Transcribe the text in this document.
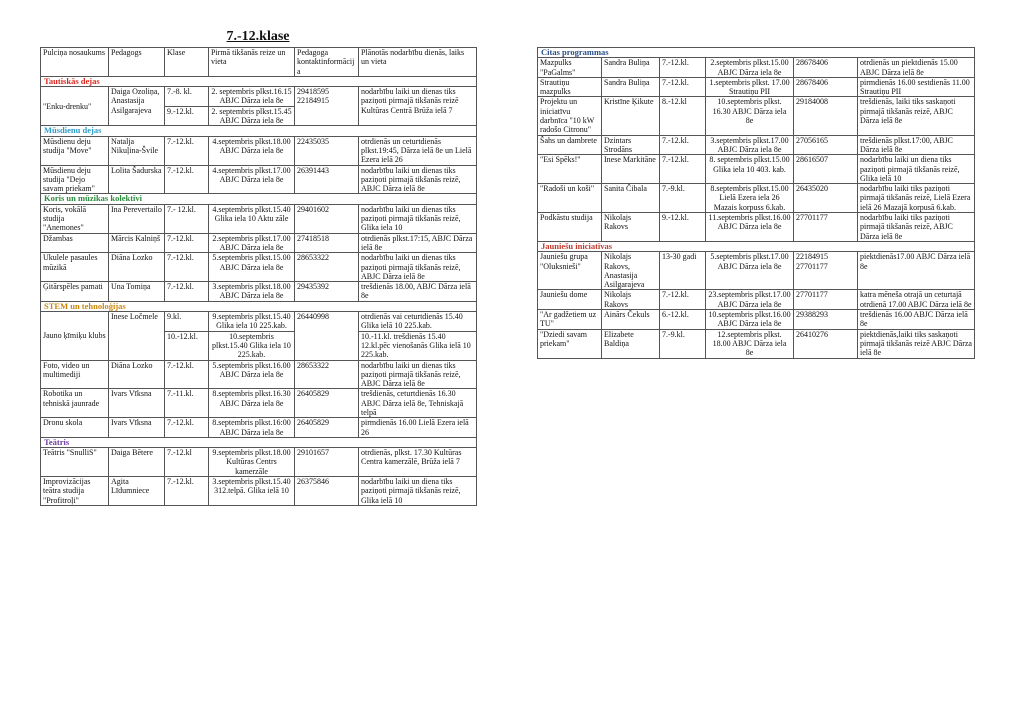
7.-12.klase
Pulciņa nosaukums	Pedagogs	Klase	Pirmā tikšanās reize un vieta	Pedagoga kontaktinformācija	Plānotās nodarbību dienās, laiks un vieta
Tautiskās dejas					
"Enku-drenku"	Daiga Ozoliņa, Anastasija Asilgarajeva	7.-8. kl.	2. septembris plkst.16.15 ABJC Dārza iela 8e	29418595 22184915	nodarbību laiki un dienas tiks paziņoti pirmajā tikšanās reizē Kultūras Centrā Brūža ielā 7
		9.-12.kl.	2. septembris plkst.15.45 ABJC Dārza iela 8e		
Mūsdienu dejas					
Mūsdienu deju studija "Move"	Natalja Nikuļina-Švile	7.-12.kl.	4.septembris plkst.18.00 ABJC Dārza iela 8e	22435035	otrdienās un ceturtdienās plkst.19:45, Dārza ielā 8e un Lielā Ezera ielā 26
Mūsdienu deju studija "Dejo savam priekam"	Lolita Šadurska	7.-12.kl.	4.septembris plkst.17.00 ABJC Dārza iela 8e	26391443	nodarbību laiki un dienas tiks paziņoti pirmajā tikšanās reizē, ABJC Dārza ielā 8e
Koris un mūzikas kolektīvi					
Koris, vokālā studija "Anemones"	Ina Perevertailo	7.- 12.kl.	4.septembris plkst.15.40 Glika iela 10 Aktu zāle	29401602	nodarbību laiki un dienas tiks paziņoti pirmajā tikšanās reizē, Glika iela 10
Džambas	Mārcis Kalniņš	7.-12.kl.	2.septembris plkst.17.00 ABJC Dārza iela 8e	27418518	otrdienās plkst.17:15, ABJC Dārza ielā 8e
Ukulele pasaules mūzikā	Diāna Lozko	7.-12.kl.	5.septembris plkst.15.00 ABJC Dārza iela 8e	28653322	nodarbību laiki un dienas tiks paziņoti pirmajā tikšanās reizē, ABJC Dārza ielā 8e
Ģitārspēles pamati	Una Tomiņa	7.-12.kl.	3.septembris plkst.18.00 ABJC Dārza iela 8e	29435392	trešdienās 18.00, ABJC Dārza ielā 8e
STEM un tehnoloģijas					
Jauno ķīmiķu klubs	Inese Ločmele	9.kl.	9.septembris plkst.15.40 Glika iela 10 225.kab.	26440998	otrdienās vai ceturtdienās 15.40 Glika ielā 10 225.kab.
		10.-12.kl.	10.septembris plkst.15.40 Glika iela 10 225.kab.		10.-11.kl. trešdienās 15.40 12.kl.pēc vienošanās Glika ielā 10 225.kab.
Foto, video un multimediji	Diāna Lozko	7.-12.kl.	5.septembris plkst.16.00 ABJC Dārza iela 8e	28653322	nodarbību laiki un dienas tiks paziņoti pirmajā tikšanās reizē, ABJC Dārza ielā 8e
Robotika un tehniskā jaunrade	Ivars Vīksna	7.-11.kl.	8.septembris plkst.16.30 ABJC Dārza iela 8e	26405829	trešdienās, ceturtdienās 16.30 ABJC Dārza ielā 8e, Tehniskajā telpā
Dronu skola	Ivars Vīksna	7.-12.kl.	8.septembris plkst.16:00 ABJC Dārza iela 8e	26405829	pirmdienās 16.00 Lielā Ezera ielā 26
Teātris					
Teātris "SnulliS"	Daiga Bētere	7.-12.kl	9.septembris plkst.18.00 Kultūras Centrs kamerzāle	29101657	otrdienās, plkst. 17.30 Kultūras Centra kamerzālē, Brūža ielā 7
Improvizācijas teātra studija "Profitroļi"	Agita Līdumniece	7.-12.kl.	3.septembris plkst.15.40 312.telpā. Glika ielā 10	26375846	nodarbību laiki un diena tiks paziņoti pirmajā tikšanās reizē, Glika ielā 10
Citas programmas					
Mazpulks "PaGalms"	Sandra Buliņa	7.-12.kl.	2.septembris plkst.15.00 ABJC Dārza iela 8e	28678406	otrdienās un piektdienās 15.00 ABJC Dārza ielā 8e
Strautiņu mazpulks	Sandra Buliņa	7.-12.kl.	1.septembris plkst. 17.00 Strautiņu PII	28678406	pirmdienās 16.00 sestdienās 11.00 Strautiņu PII
Projektu un iniciatīvu darbnīca "10 kW radošo Citronu"	Kristīne Ķikute	8.-12.kl	10.septembris plkst. 16.30 ABJC Dārza iela 8e	29184008	trešdienās, laiki tiks saskaņoti pirmajā tikšanās reizē, ABJC Dārza ielā 8e
Šahs un dambrete	Dzintars Strodāns	7.-12.kl.	3.septembris plkst.17.00 ABJC Dārza iela 8e	27056165	trešdienās plkst.17:00, ABJC Dārza ielā 8e
"Esi Spēks!"	Inese Markitāne	7.-12.kl.	8. septembris plkst.15.00 Glika iela 10 403. kab.	28616507	nodarbību laiki un diena tiks paziņoti pirmajā tikšanās reizē, Glika ielā 10
"Radoši un koši"	Sanita Čibala	7.-9.kl.	8.septembris plkst.15.00 Lielā Ezera iela 26 Mazais korpuss 6.kab.	26435020	nodarbību laiki tiks paziņoti pirmajā tikšanās reizē, Lielā Ezera ielā 26 Mazajā korpusā 6.kab.
Podkāstu studija	Nikolajs Rakovs	9.-12.kl.	11.septembris plkst.16.00 ABJC Dārza iela 8e	27701177	nodarbību laiki tiks paziņoti pirmajā tikšanās reizē, ABJC Dārza ielā 8e
Jauniešu iniciatīvas					
Jauniešu grupa "Oluksnieši"	Nikolajs Rakovs, Anastasija Asilgarajeva	13-30 gadi	5.septembris plkst.17.00 ABJC Dārza iela 8e	22184915 27701177	piektdienās17.00 ABJC Dārza ielā 8e
Jauniešu dome	Nikolajs Rakovs	7.-12.kl.	23.septembris plkst.17.00 ABJC Dārza iela 8e	27701177	katra mēneša otrajā un ceturtajā otrdienā 17.00 ABJC Dārza ielā 8e
"Ar gadžetiem uz TU"	Ainārs Čekuls	6.-12.kl.	10.septembris plkst.16.00 ABJC Dārza iela 8e	29388293	trešdienās 16.00 ABJC Dārza ielā 8e
"Dziedi savam priekam"	Elizabete Baldiņa	7.-9.kl.	12.septembris plkst. 18.00 ABJC Dārza iela 8e	26410276	piektdienās,laiki tiks saskaņoti pirmajā tikšanās reizē ABJC Dārza ielā 8e
